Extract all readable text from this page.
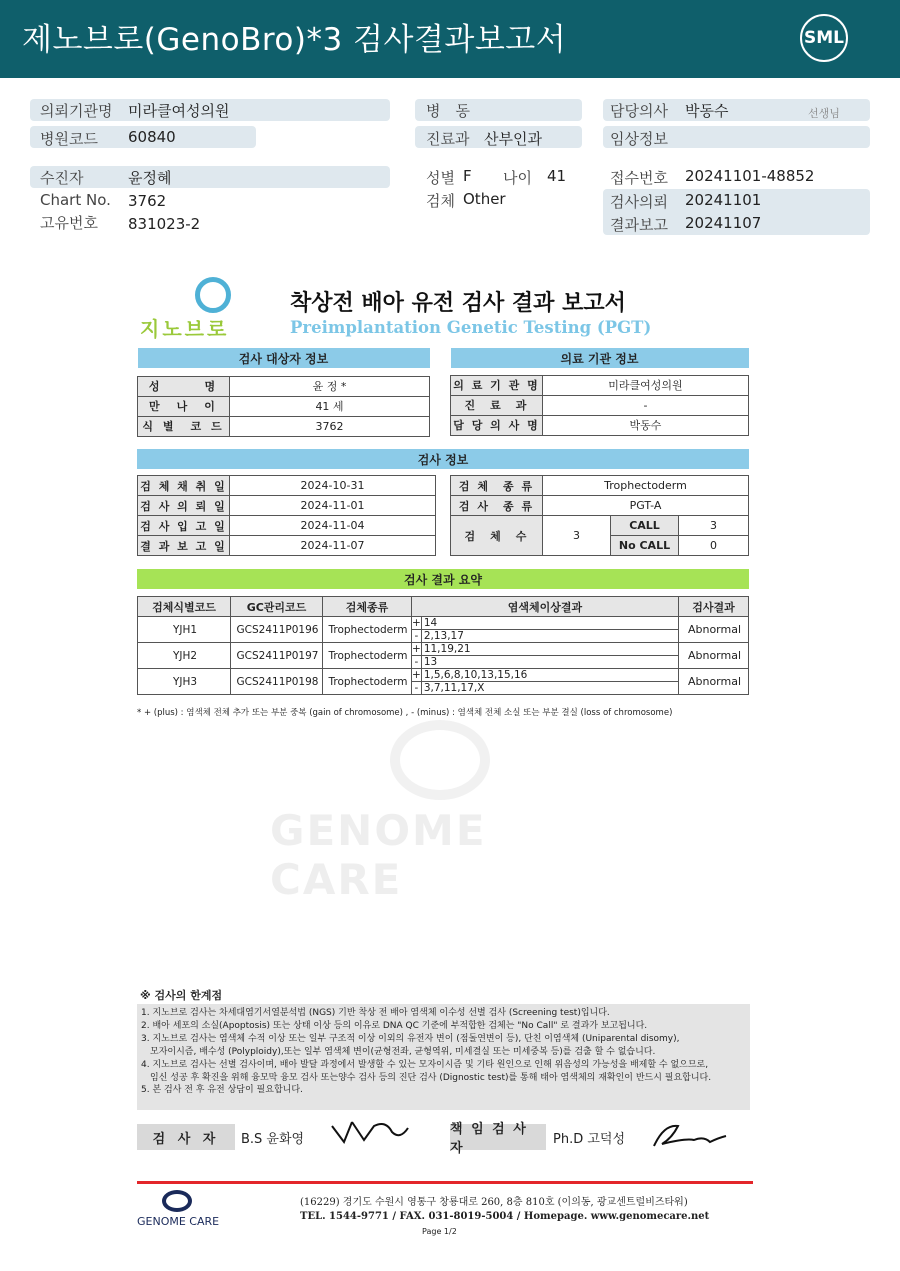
제노브로(GenoBro)*3 검사결과보고서	SML
의뢰기관명 미라클여성의원
병원코드 60840
병　동
진료과 산부인과
담당의사 박동수	선생님
임상정보
수진자	윤정혜
Chart No. 3762
고유번호 831023-2
성별 F 나이 41
검체 Other
접수번호 20241101-48852
검사의뢰 20241101
결과보고 20241107
지노브로
착상전 배아 유전 검사 결과 보고서
Preimplantation Genetic Testing (PGT)
검사 대상자 정보	

성　　　명	윤 정 *
만　나　이	41 세
식 별　코 드	3762
의료 기관 정보	

의 료 기 관 명	미라클여성의원
진　료　과	-
담 당 의 사 명	박동수
검사 정보
검 체 채 취 일	2024-10-31
검 사 의 뢰 일	2024-11-01
검 사 입 고 일	2024-11-04
결 과 보 고 일	2024-11-07
검 체　종 류	Trophectoderm		
검 사　종 류	PGT-A		
검　체　수	3	CALL	3
		No CALL	0
검사 결과 요약
검체식별코드	GC관리코드	검체종류	염색체이상결과		검사결과
YJH1	GCS2411P0196	Trophectoderm	+	14	Abnormal
			-	2,13,17	
YJH2	GCS2411P0197	Trophectoderm	+	11,19,21	Abnormal
			-	13	
YJH3	GCS2411P0198	Trophectoderm	+	1,5,6,8,10,13,15,16	Abnormal
			-	3,7,11,17,X	
* + (plus) : 염색체 전체 추가 또는 부분 중복 (gain of chromosome) , - (minus) : 염색체 전체 소실 또는 부분 결실 (loss of chromosome)
GENOME CARE
※ 검사의 한계점
1. 지노브로 검사는 차세대염기서열분석법 (NGS) 기반 착상 전 배아 염색체 이수성 선별 검사 (Screening test)입니다.
2. 배아 세포의 소실(Apoptosis) 또는 상태 이상 등의 이유로 DNA QC 기준에 부적합한 검체는 "No Call" 로 결과가 보고됩니다.
3. 지노브로 검사는 염색체 수적 이상 또는 일부 구조적 이상 이외의 유전자 변이 (점돌연변이 등), 단친 이염색체 (Uniparental disomy),
　모자이시즘, 배수성 (Polyploidy),또는 일부 염색체 변이(균형전좌, 균형역위, 미세결실 또는 미세중복 등)를 검출 할 수 없습니다.
4. 지노브로 검사는 선별 검사이며, 배아 발달 과정에서 발생할 수 있는 모자이시즘 및 기타 원인으로 인해 위음성의 가능성을 배제할 수 없으므로,
　임신 성공 후 확진을 위해 융모막 융모 검사 또는양수 검사 등의 진단 검사 (Dignostic test)를 통해 태아 염색체의 재확인이 반드시 필요합니다.
5. 본 검사 전 후 유전 상담이 필요합니다.
검 사 자	B.S 윤화영
책 임 검 사 자
Ph.D 고덕성
GENOME CARE
(16229) 경기도 수원시 영통구 창룡대로 260, 8층 810호 (이의동, 광교센트럴비즈타워)
TEL. 1544-9771 / FAX. 031-8019-5004 / Homepage. www.genomecare.net
Page 1/2
